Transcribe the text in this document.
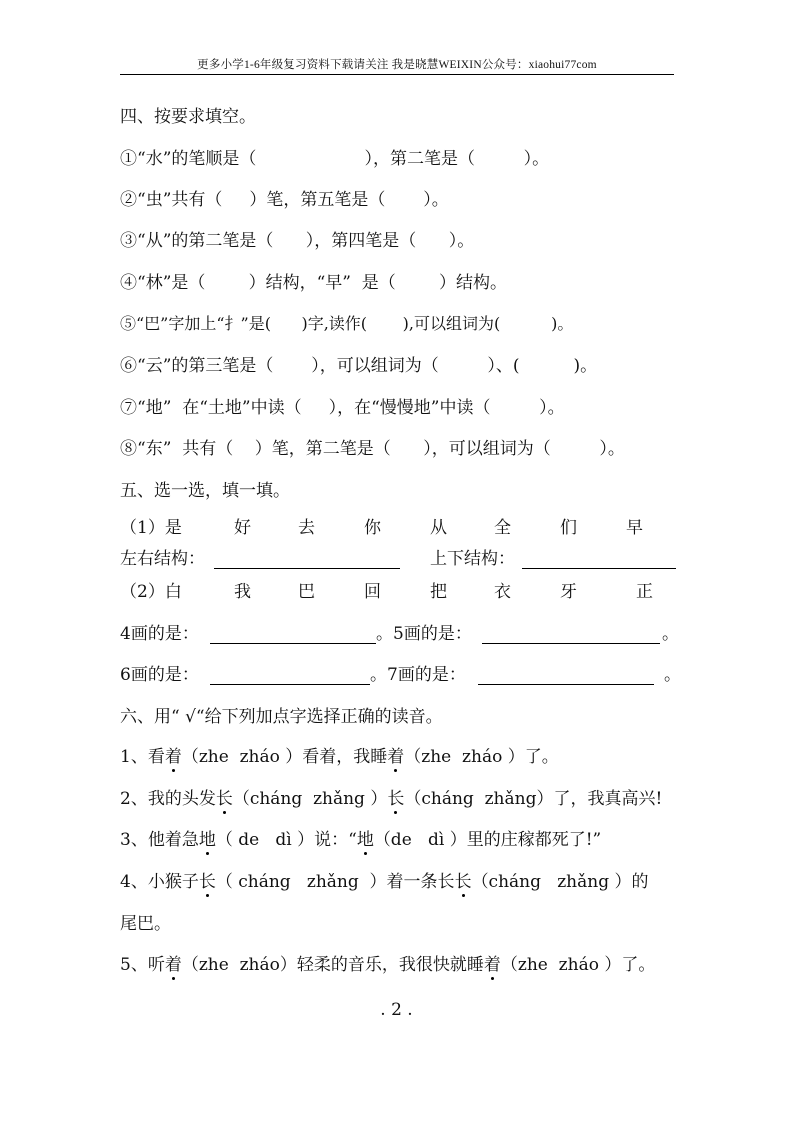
更多小学1-6年级复习资料下载请关注 我是晓慧WEIXIN公众号：xiaohui77com
四、按要求填空。
①“水”的笔顺是（                    ），第二笔是（         ）。
②“虫”共有（     ）笔，第五笔是（       ）。
③“从”的第二笔是（      ），第四笔是（      ）。
④“林”是（        ）结构，“早”  是（        ）结构。
⑤“巴”字加上“扌”是(      )字,读作(       ),可以组词为(          )。
⑥“云”的第三笔是（       ），可以组词为（         ）、(          )。
⑦“地”  在“土地”中读（     ），在“慢慢地”中读（         ）。
⑧“东”  共有（    ）笔，第二笔是（      ），可以组词为（         ）。
五、选一选，填一填。
（1）是	好	去	你	从	全	们	早
左右结构：	上下结构：
（2）白	我	巴	回	把	衣	牙	正
4画的是：	。5画的是：	。
6画的是：	。7画的是：	。
六、用“ √“给下列加点字选择正确的读音。
1、看着（zhe  zháo ）看着，我睡着（zhe  zháo ）了。
2、我的头发长（cháng  zhǎng ）长（cháng  zhǎng）了，我真高兴!
3、他着急地（ de   dì ）说：“地（de   dì ）里的庄稼都死了!”
4、小猴子长（ cháng   zhǎng  ）着一条长长（cháng   zhǎng ）的
尾巴。
5、听着（zhe  zháo）轻柔的音乐，我很快就睡着（zhe  zháo ）了。
. 2 .
